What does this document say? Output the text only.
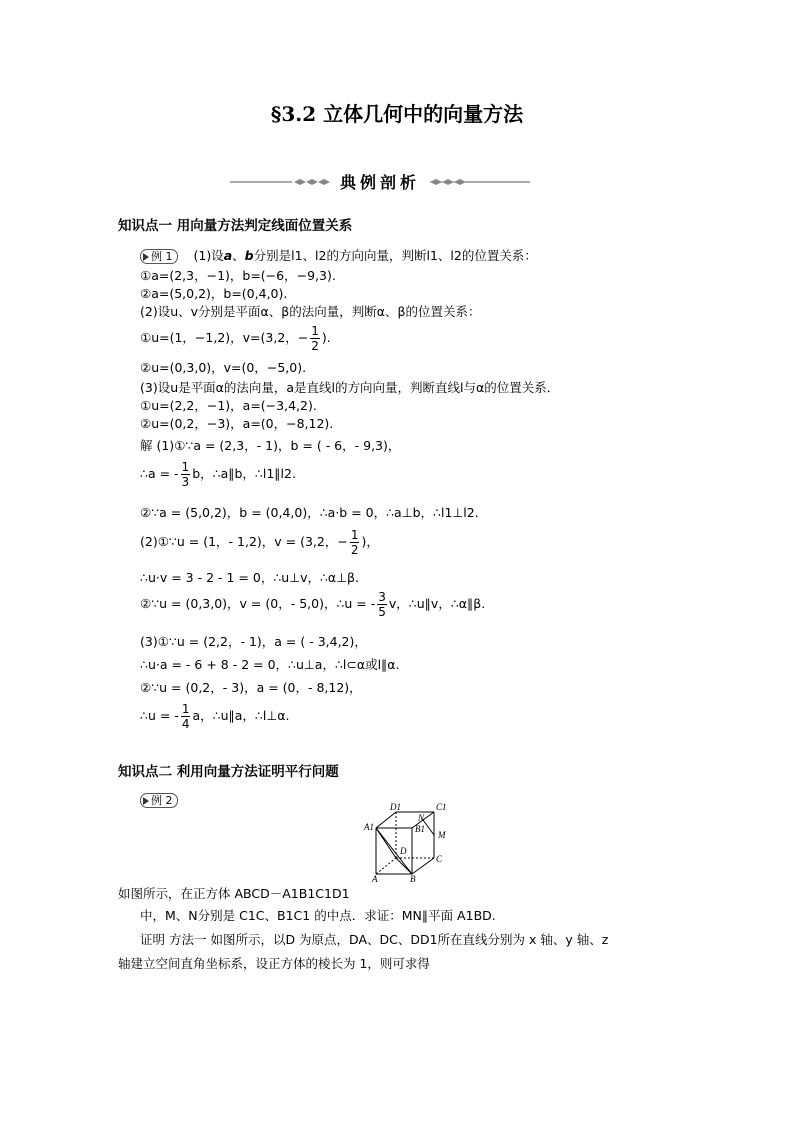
§3.2 立体几何中的向量方法
典例剖析
知识点一 用向量方法判定线面位置关系
例 1 (1)设a、b分别是l1、l2的方向向量，判断l1、l2的位置关系：
①a=(2,3，−1)，b=(−6，−9,3).
②a=(5,0,2)，b=(0,4,0).
(2)设u、v分别是平面α、β的法向量，判断α、β的位置关系：
①u=(1，−1,2)，v=(3,2，− $\frac{1}{2}$ ).
②u=(0,3,0)，v=(0，−5,0).
(3)设u是平面α的法向量，a是直线l的方向向量，判断直线l与α的位置关系．
①u=(2,2，−1)，a=(−3,4,2).
②u=(0,2，−3)，a=(0，−8,12).
解 (1)①∵a = (2,3，- 1)，b = ( - 6，- 9,3)，
∴a = - $\frac{1}{3}$ b，∴a∥b，∴l1∥l2.
②∵a = (5,0,2)，b = (0,4,0)，∴a·b = 0，∴a⊥b，∴l1⊥l2.
(2)①∵u = (1，- 1,2)，v = (3,2，− $\frac{1}{2}$ )，
∴u·v = 3 - 2 - 1 = 0，∴u⊥v，∴α⊥β.
②∵u = (0,3,0)，v = (0，- 5,0)，∴u = - $\frac{3}{5}$ v，∴u∥v，∴α∥β.
(3)①∵u = (2,2，- 1)，a = ( - 3,4,2)，
∴u·a = - 6 + 8 - 2 = 0，∴u⊥a，∴l⊂α或l∥α.
②∵u = (0,2，- 3)，a = (0，- 8,12)，
∴u = - $\frac{1}{4}$ a，∴u∥a，∴l⊥α.
知识点二 利用向量方法证明平行问题
例 2	D1	C1
A1	B1
N
M
D
C
A	B
如图所示，在正方体 ABCD－A1B1C1D1
中，M、N分别是 C1C、B1C1 的中点．求证：MN∥平面 A1BD.
证明 方法一 如图所示，以D 为原点，DA、DC、DD1所在直线分别为 x 轴、y 轴、z
轴建立空间直角坐标系，设正方体的棱长为 1，则可求得
